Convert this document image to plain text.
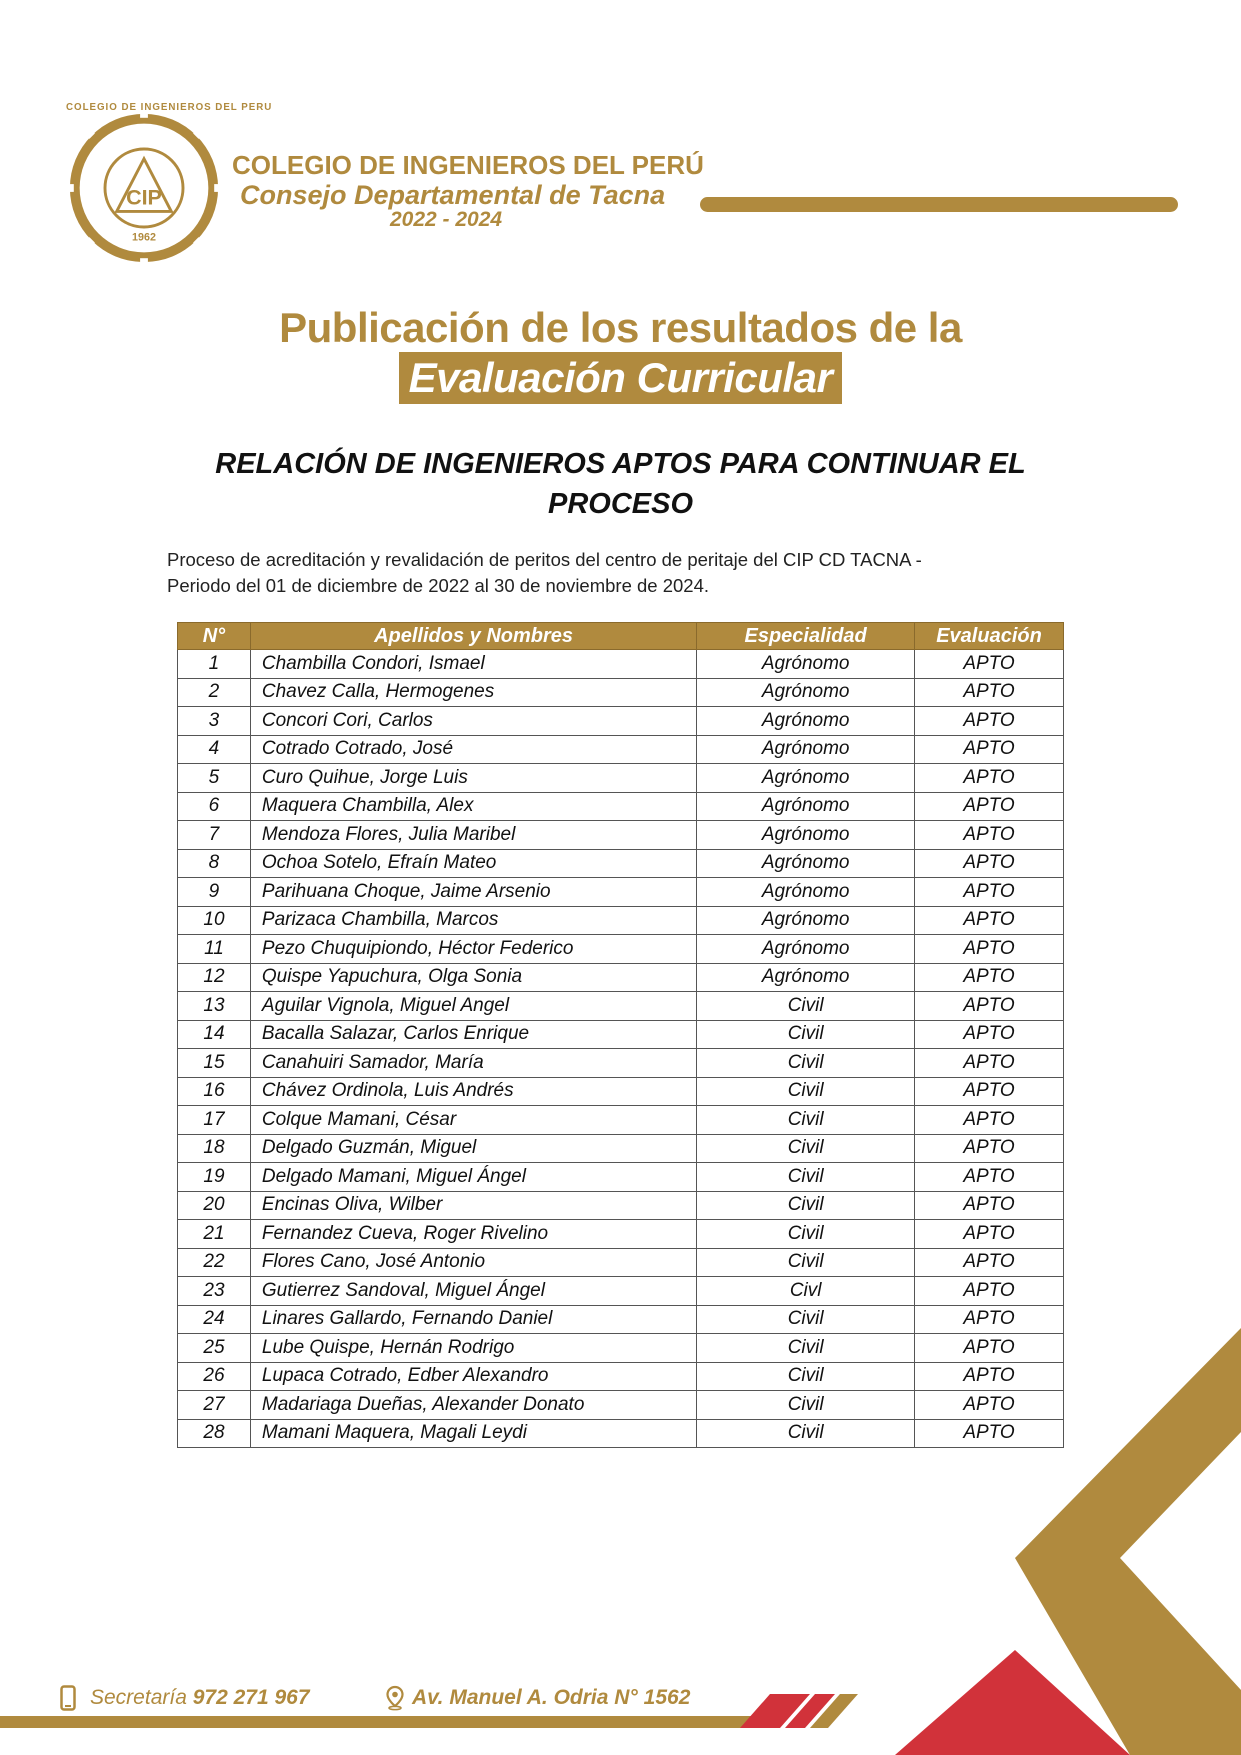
COLEGIO DE INGENIEROS DEL PERU
CIP
1962
COLEGIO DE INGENIEROS DEL PERÚ
Consejo Departamental de Tacna
2022 - 2024
Publicación de los resultados de la
Evaluación Curricular
RELACIÓN DE INGENIEROS APTOS PARA CONTINUAR EL
PROCESO
Proceso de acreditación y revalidación de peritos del centro de peritaje del CIP CD TACNA -
Periodo del 01 de diciembre de 2022 al 30 de noviembre de 2024.
N°	Apellidos y Nombres	Especialidad	Evaluación
1	Chambilla Condori, Ismael	Agrónomo	APTO
2	Chavez Calla, Hermogenes	Agrónomo	APTO
3	Concori Cori, Carlos	Agrónomo	APTO
4	Cotrado Cotrado, José	Agrónomo	APTO
5	Curo Quihue, Jorge Luis	Agrónomo	APTO
6	Maquera Chambilla, Alex	Agrónomo	APTO
7	Mendoza Flores, Julia Maribel	Agrónomo	APTO
8	Ochoa Sotelo, Efraín Mateo	Agrónomo	APTO
9	Parihuana Choque, Jaime Arsenio	Agrónomo	APTO
10	Parizaca Chambilla, Marcos	Agrónomo	APTO
11	Pezo Chuquipiondo, Héctor Federico	Agrónomo	APTO
12	Quispe Yapuchura, Olga Sonia	Agrónomo	APTO
13	Aguilar Vignola, Miguel Angel	Civil	APTO
14	Bacalla Salazar, Carlos Enrique	Civil	APTO
15	Canahuiri Samador, María	Civil	APTO
16	Chávez Ordinola, Luis Andrés	Civil	APTO
17	Colque Mamani, César	Civil	APTO
18	Delgado Guzmán, Miguel	Civil	APTO
19	Delgado Mamani, Miguel Ángel	Civil	APTO
20	Encinas Oliva, Wilber	Civil	APTO
21	Fernandez Cueva, Roger Rivelino	Civil	APTO
22	Flores Cano, José Antonio	Civil	APTO
23	Gutierrez Sandoval, Miguel Ángel	Civl	APTO
24	Linares Gallardo, Fernando Daniel	Civil	APTO
25	Lube Quispe, Hernán Rodrigo	Civil	APTO
26	Lupaca Cotrado, Edber Alexandro	Civil	APTO
27	Madariaga Dueñas, Alexander Donato	Civil	APTO
28	Mamani Maquera, Magali Leydi	Civil	APTO
Secretaría 972 271 967	Av. Manuel A. Odria N° 1562
